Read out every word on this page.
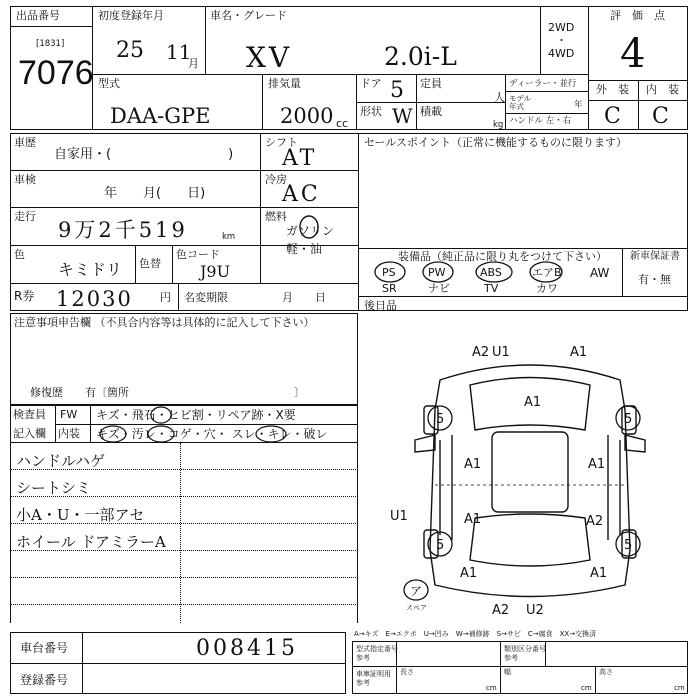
出品番号
[1831]
7076
初度登録年月
25 11
月
車名・グレード
XV	2.0i-L
2WD
・
4WD
評　価　点
4
型式
DAA-GPE
排気量
2000 cc
ドア 5
形状 W
定員
人
積載
kg
ディーラー・並行
モデル
年式	年
ハンドル 左・右
外　装 内　装
C C
車歴
自家用・(　　　　　　　　　)
車検
年　　月(　　日)
走行
9万2千519	km
色
キミドリ 色替
色コード
J9U
シフト
AT
冷房
AC
燃料
ガソリン
軽・油
R券 12030 円 名変期限	月　　日
セールスポイント（正常に機能するものに限ります）
装備品（純正品に限り丸をつけて下さい） 新車保証書
有・無
後日品
PS	PW	ABS	エアB AW
SR	ナビ	TV	カワ
注意事項申告欄 （不具合内容等は具体的に記入して下さい）
修復歴　　有〔箇所　　　　　　　　　　　　　　　〕
検査員
記入欄
FW キズ・飛石・ヒビ割・リペア跡・X要
内装 キズ・汚レ・コゲ・穴・ スレ・キレ・破レ
ハンドルハゲ
シートシミ
小A・U・一部アセ
ホイール ドアミラーA
A2 U1	A1
5
A1
5
A1	A1
U1	A1	A2
5	5
A1	A1
A2 U2
ア
スペア
車台番号	008415
登録番号
A→キズ　E→エクボ　U→凹み　W→補修跡　S→サビ　C→腐食　XX→交換済
型式指定番号
参考
類別区分番号
参考
車庫証明用
参考
長さ
cm
幅
cm
高さ
cm
